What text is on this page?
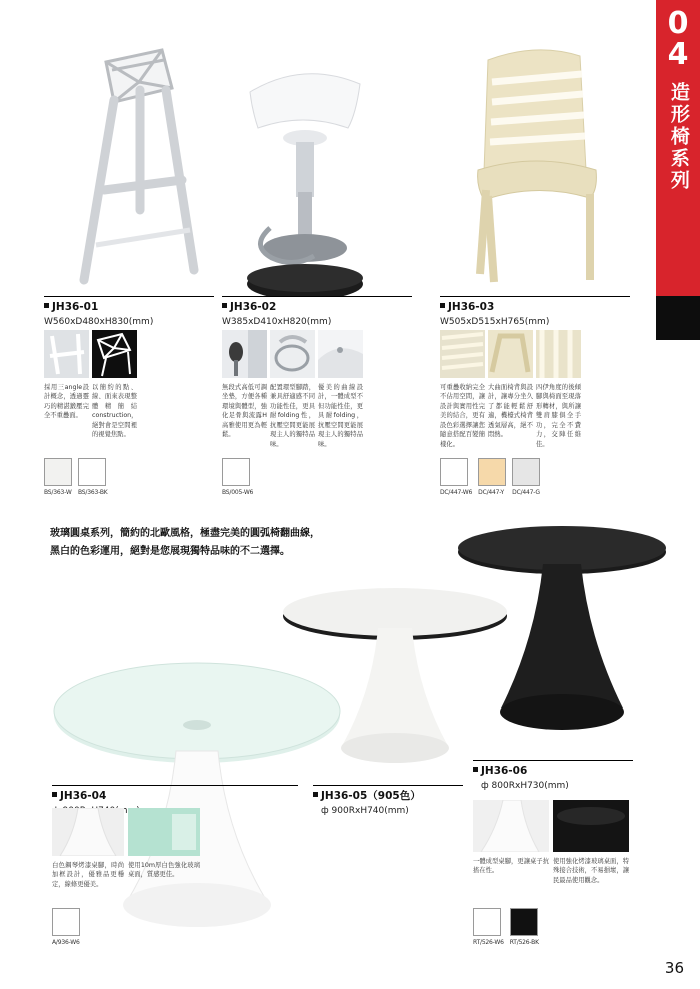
04
造形椅系列
JH36-01
W560xD480xH830(mm)
JH36-02
W385xD410xH820(mm)
JH36-03
W505xD515xH765(mm)
採用三angle設計概念，透過靈巧的精湛鍛壓完全不重疊面。
以簡約的點、線、面來表現整體精簡結construction，絕對會是空間裡的視覺焦點。
無段式高低可調坐墊，方便各種環境與體型，強化足骨與流露H高雅使用更為輕鬆。
配置環型腳踏，兼具舒適感不同功能性佳，更具耐folding性，抗壓空間更能展現主人的獨特品味。
優美的曲線設計，一體成型不但功能性佳，更具耐folding，抗壓空間更能展現主人的獨特品味。
可重疊收納完全不佔用空間，讓設計與實用性完美的結合，更有設色彩選擇讓您隨意搭配百變簡樣化。
大曲面椅背與設計，讓專分坐久了都能輕鬆舒適，機檯式椅背透氣層高，絕不悶熱。
四伊角度的後傾腳與椅面至現落形轉材，與所讓雙肩膝俱全手功，完全不費力，交陣任維佳。
BS/363-W BS/363-BK	BS/005-W6	DC/447-W6 DC/447-Y DC/447-G
玻璃圓桌系列，簡約的北歐風格，極盡完美的圓弧椅翻曲線，
黑白的色彩運用，絕對是您展現獨特品味的不二選擇。
JH36-04	JH36-05（905色）
ф 900RxH740(mm)
JH36-06
ф 800RxH730(mm)
白色鋼琴烤漆桌腳，時尚加框設計，優雅品更穩定，線條更優美。
使用10m厚白色強化玻璃桌面，質感更佳。
一體成型桌腳，更讓桌子抗搖在性。
使用強化烤漆玻璃桌面，特殊接合技術，不易損壞，讓民最品使用觀念。
A/936-W6	RT/526-W6 RT/526-BK
36
